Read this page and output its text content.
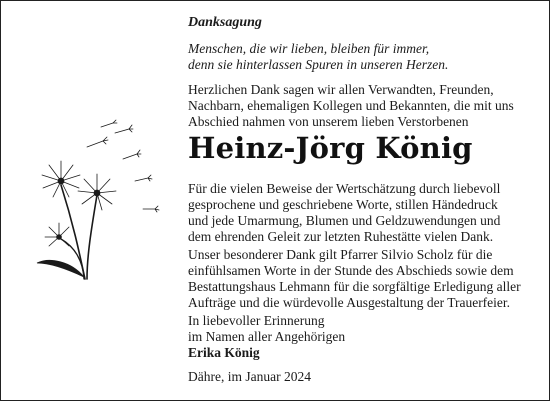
Danksagung
Menschen, die wir lieben, bleiben für immer,
denn sie hinterlassen Spuren in unseren Herzen.
Herzlichen Dank sagen wir allen Verwandten, Freunden,
Nachbarn, ehemaligen Kollegen und Bekannten, die mit uns
Abschied nahmen von unserem lieben Verstorbenen
Heinz-Jörg König
Für die vielen Beweise der Wertschätzung durch liebevoll
gesprochene und geschriebene Worte, stillen Händedruck
und jede Umarmung, Blumen und Geldzuwendungen und
dem ehrenden Geleit zur letzten Ruhestätte vielen Dank.
Unser besonderer Dank gilt Pfarrer Silvio Scholz für die
einfühlsamen Worte in der Stunde des Abschieds sowie dem
Bestattungshaus Lehmann für die sorgfältige Erledigung aller
Aufträge und die würdevolle Ausgestaltung der Trauerfeier.
In liebevoller Erinnerung
im Namen aller Angehörigen
Erika König
Dähre, im Januar 2024
